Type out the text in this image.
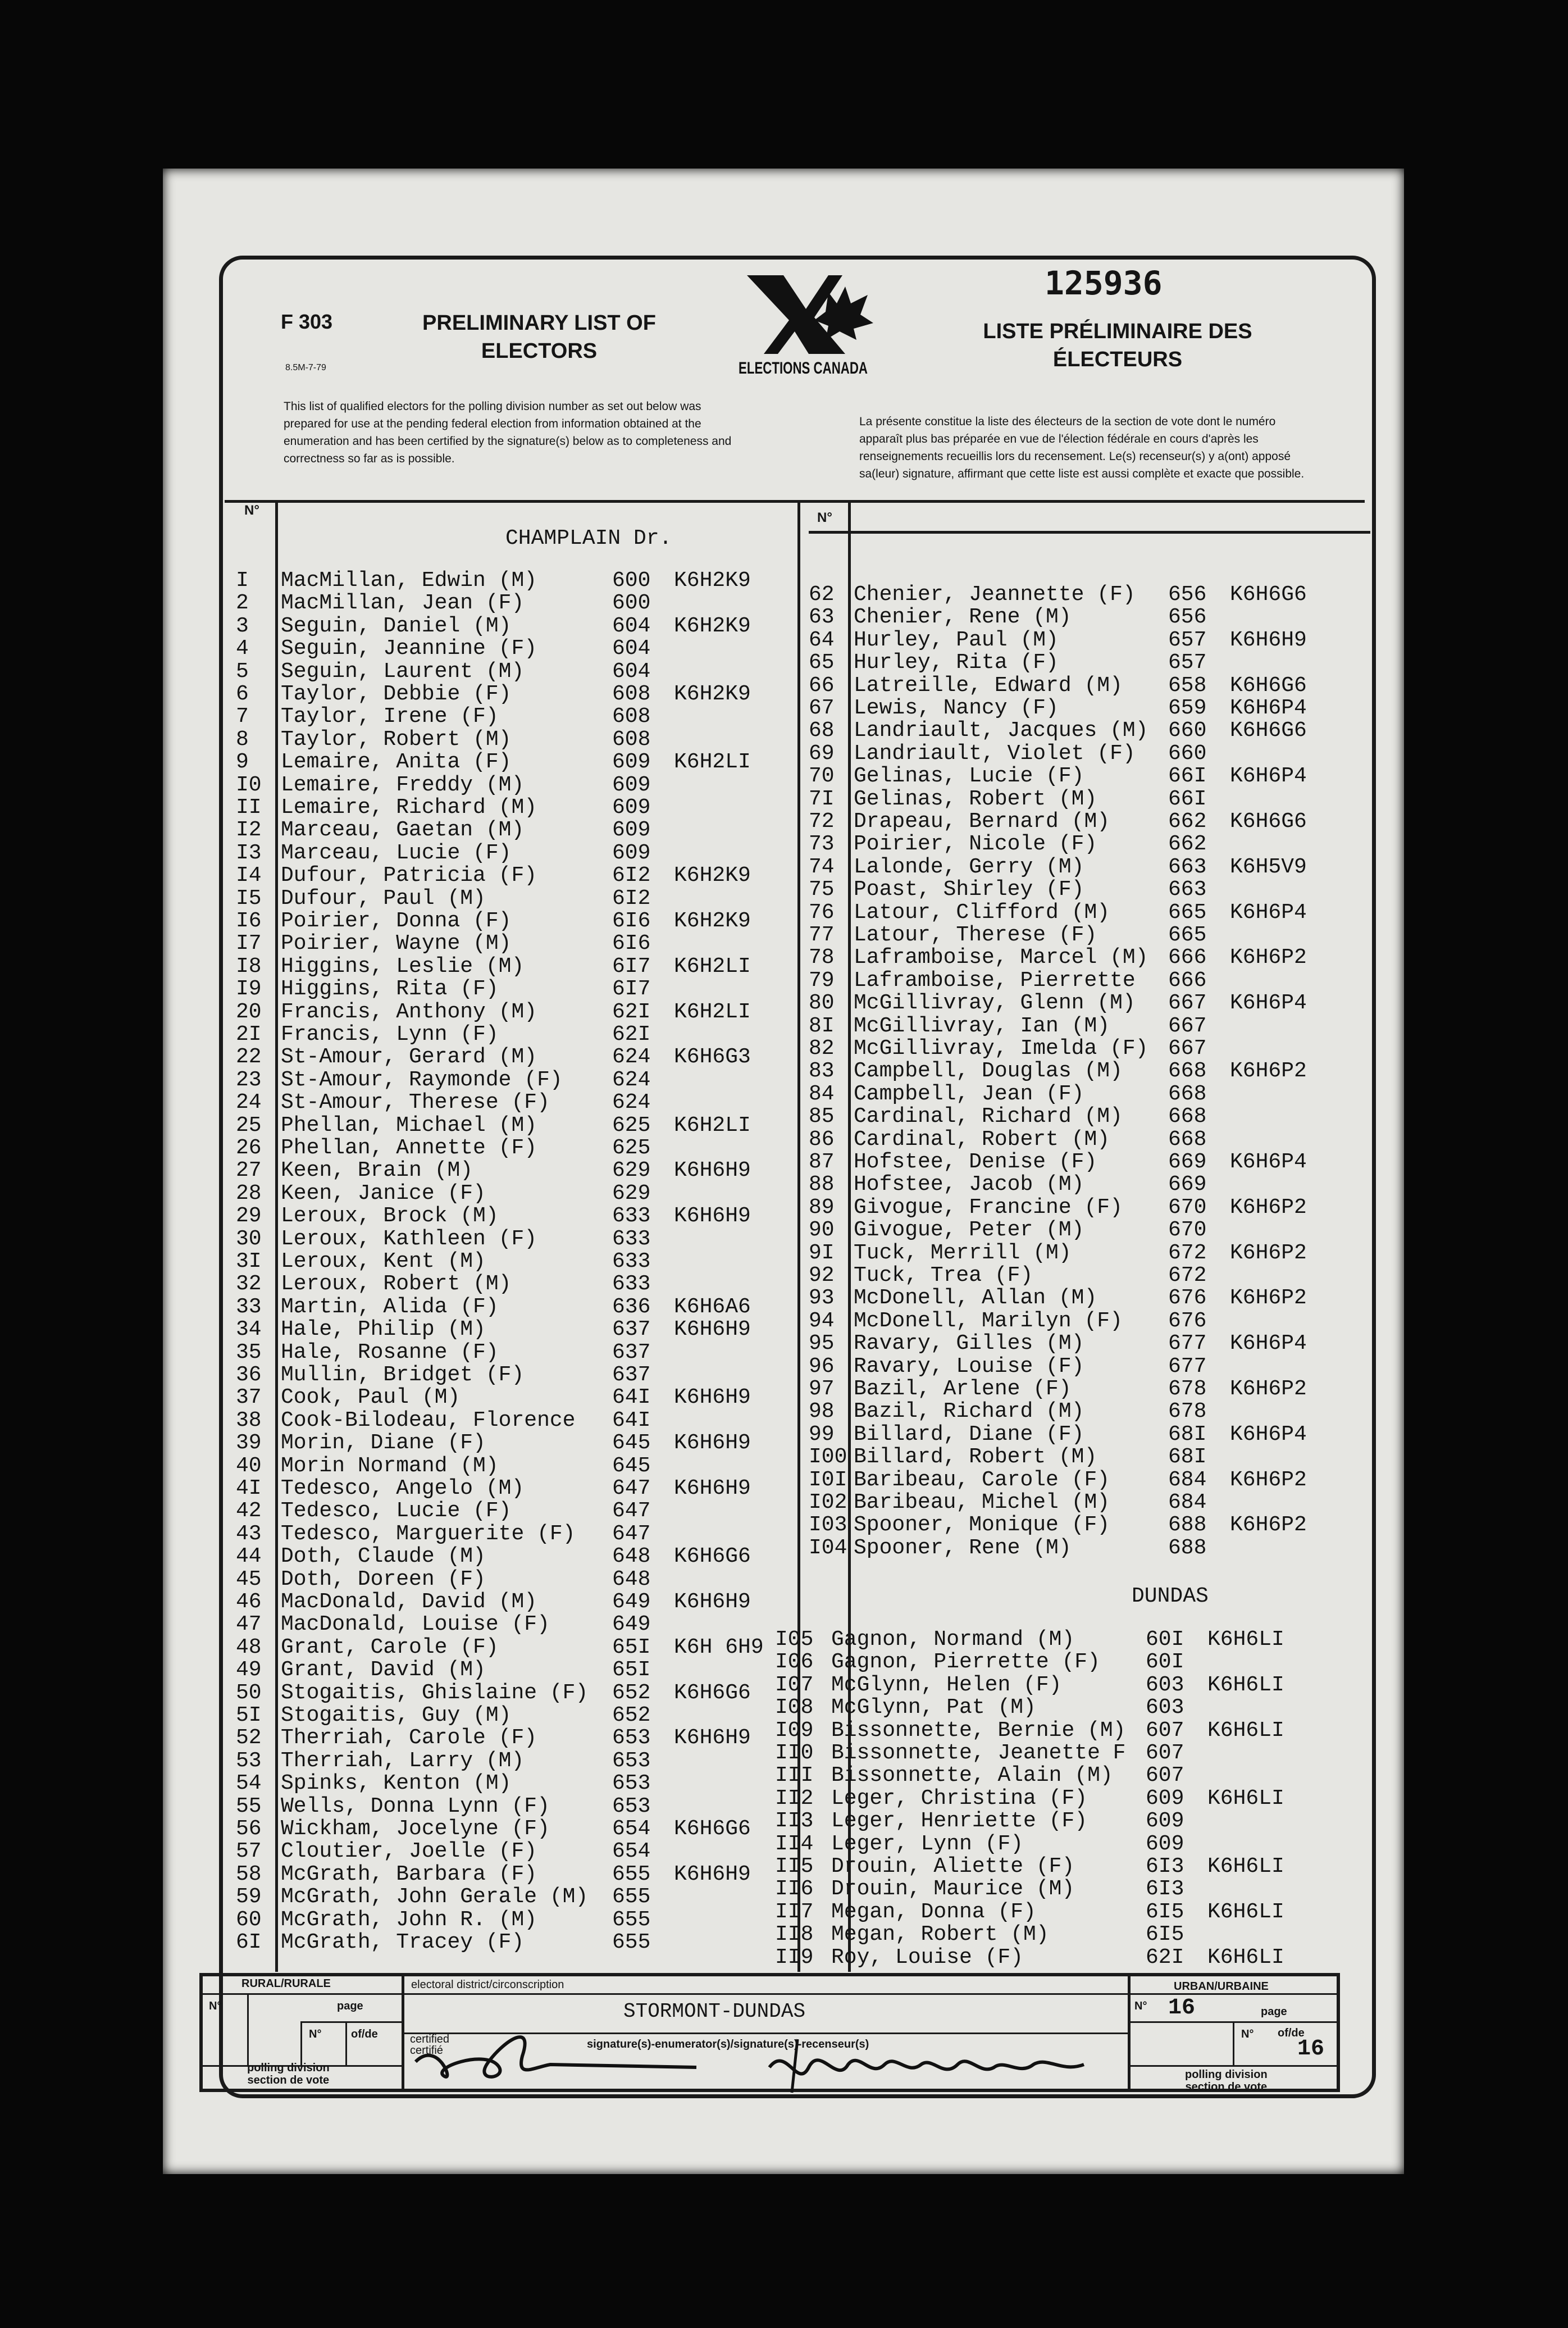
F 303
8.5M-7-79
PRELIMINARY LIST OF
ELECTORS
LISTE PRÉLIMINAIRE DES
ÉLECTEURS
125936
ELECTIONS CANADA
This list of qualified electors for the polling division number as set out below was prepared for use at the pending federal election from information obtained at the enumeration and has been certified by the signature(s) below as to completeness and correctness so far as is possible.
La présente constitue la liste des électeurs de la section de vote dont le numéro apparaît plus bas préparée en vue de l'élection fédérale en cours d'après les renseignements recueillis lors du recensement. Le(s) recenseur(s) y a(ont) apposé sa(leur) signature, affirmant que cette liste est aussi complète et exacte que possible.
N°	N°
CHAMPLAIN Dr.
DUNDAS
I MacMillan, Edwin (M)	600 K6H2K9
2 MacMillan, Jean (F)	600
3 Seguin, Daniel (M)	604 K6H2K9
4 Seguin, Jeannine (F)	604
5 Seguin, Laurent (M)	604
6 Taylor, Debbie (F)	608 K6H2K9
7 Taylor, Irene (F)	608
8 Taylor, Robert (M)	608
9 Lemaire, Anita (F)	609 K6H2LI
I0 Lemaire, Freddy (M)	609
II Lemaire, Richard (M)	609
I2 Marceau, Gaetan (M)	609
I3 Marceau, Lucie (F)	609
I4 Dufour, Patricia (F)	6I2 K6H2K9
I5 Dufour, Paul (M)	6I2
I6 Poirier, Donna (F)	6I6 K6H2K9
I7 Poirier, Wayne (M)	6I6
I8 Higgins, Leslie (M)	6I7 K6H2LI
I9 Higgins, Rita (F)	6I7
20 Francis, Anthony (M)	62I K6H2LI
2I Francis, Lynn (F)	62I
22 St-Amour, Gerard (M)	624 K6H6G3
23 St-Amour, Raymonde (F) 624
24 St-Amour, Therese (F)	624
25 Phellan, Michael (M)	625 K6H2LI
26 Phellan, Annette (F)	625
27 Keen, Brain (M)	629 K6H6H9
28 Keen, Janice (F)	629
29 Leroux, Brock (M)	633 K6H6H9
30 Leroux, Kathleen (F)	633
3I Leroux, Kent (M)	633
32 Leroux, Robert (M)	633
33 Martin, Alida (F)	636 K6H6A6
34 Hale, Philip (M)	637 K6H6H9
35 Hale, Rosanne (F)	637
36 Mullin, Bridget (F)	637
37 Cook, Paul (M)	64I K6H6H9
38 Cook-Bilodeau, Florence 64I
39 Morin, Diane (F)	645 K6H6H9
40 Morin Normand (M)	645
4I Tedesco, Angelo (M)	647 K6H6H9
42 Tedesco, Lucie (F)	647
43 Tedesco, Marguerite (F) 647
44 Doth, Claude (M)	648 K6H6G6
45 Doth, Doreen (F)	648
46 MacDonald, David (M)	649 K6H6H9
47 MacDonald, Louise (F)	649
48 Grant, Carole (F)	65I K6H 6H9
49 Grant, David (M)	65I
50 Stogaitis, Ghislaine (F) 652 K6H6G6
5I Stogaitis, Guy (M)	652
52 Therriah, Carole (F)	653 K6H6H9
53 Therriah, Larry (M)	653
54 Spinks, Kenton (M)	653
55 Wells, Donna Lynn (F)	653
56 Wickham, Jocelyne (F)	654 K6H6G6
57 Cloutier, Joelle (F)	654
58 McGrath, Barbara (F)	655 K6H6H9
59 McGrath, John Gerale (M) 655
60 McGrath, John R. (M)	655
6I McGrath, Tracey (F)	655
62 Chenier, Jeannette (F) 656 K6H6G6
63 Chenier, Rene (M)	656
64 Hurley, Paul (M)	657 K6H6H9
65 Hurley, Rita (F)	657
66 Latreille, Edward (M) 658 K6H6G6
67 Lewis, Nancy (F)	659 K6H6P4
68 Landriault, Jacques (M) 660 K6H6G6
69 Landriault, Violet (F) 660
70 Gelinas, Lucie (F)	66I K6H6P4
7I Gelinas, Robert (M)	66I
72 Drapeau, Bernard (M)	662 K6H6G6
73 Poirier, Nicole (F)	662
74 Lalonde, Gerry (M)	663 K6H5V9
75 Poast, Shirley (F)	663
76 Latour, Clifford (M)	665 K6H6P4
77 Latour, Therese (F)	665
78 Laframboise, Marcel (M) 666 K6H6P2
79 Laframboise, Pierrette 666
80 McGillivray, Glenn (M) 667 K6H6P4
8I McGillivray, Ian (M)	667
82 McGillivray, Imelda (F) 667
83 Campbell, Douglas (M) 668 K6H6P2
84 Campbell, Jean (F)	668
85 Cardinal, Richard (M) 668
86 Cardinal, Robert (M)	668
87 Hofstee, Denise (F)	669 K6H6P4
88 Hofstee, Jacob (M)	669
89 Givogue, Francine (F) 670 K6H6P2
90 Givogue, Peter (M)	670
9I Tuck, Merrill (M)	672 K6H6P2
92 Tuck, Trea (F)	672
93 McDonell, Allan (M)	676 K6H6P2
94 McDonell, Marilyn (F) 676
95 Ravary, Gilles (M)	677 K6H6P4
96 Ravary, Louise (F)	677
97 Bazil, Arlene (F)	678 K6H6P2
98 Bazil, Richard (M)	678
99 Billard, Diane (F)	68I K6H6P4
I00 Billard, Robert (M)	68I
I0I Baribeau, Carole (F)	684 K6H6P2
I02 Baribeau, Michel (M)	684
I03 Spooner, Monique (F)	688 K6H6P2
I04 Spooner, Rene (M)	688
I05 Gagnon, Normand (M)	60I K6H6LI
I06 Gagnon, Pierrette (F) 60I
I07 McGlynn, Helen (F)	603 K6H6LI
I08 McGlynn, Pat (M)	603
I09 Bissonnette, Bernie (M) 607 K6H6LI
II0 Bissonnette, Jeanette F 607
III Bissonnette, Alain (M) 607
II2 Leger, Christina (F)	609 K6H6LI
II3 Leger, Henriette (F)	609
II4 Leger, Lynn (F)	609
II5 Drouin, Aliette (F)	6I3 K6H6LI
II6 Drouin, Maurice (M)	6I3
II7 Megan, Donna (F)	6I5 K6H6LI
II8 Megan, Robert (M)	6I5
II9 Roy, Louise (F)	62I K6H6LI
RURAL/RURALE	URBAN/URBAINE
N°	page
N°	of/de
polling division
section de vote
electoral district/circonscription
STORMONT-DUNDAS
certified
certifié	signature(s)-enumerator(s)/signature(s)-recenseur(s)
N° 16	page
N° of/de
16
polling division
section de vote
